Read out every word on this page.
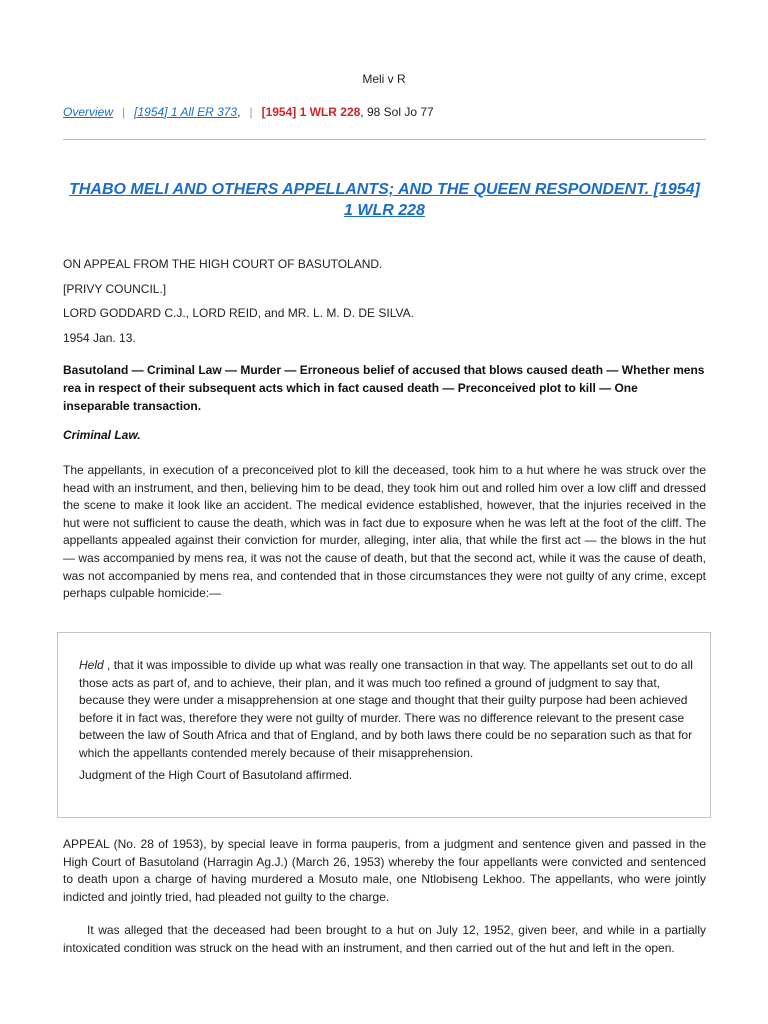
Meli v R
Overview | [1954] 1 All ER 373, | [1954] 1 WLR 228, 98 Sol Jo 77
THABO MELI AND OTHERS APPELLANTS; AND THE QUEEN RESPONDENT. [1954] 1 WLR 228
ON APPEAL FROM THE HIGH COURT OF BASUTOLAND.
[PRIVY COUNCIL.]
LORD GODDARD C.J., LORD REID, and MR. L. M. D. DE SILVA.
1954 Jan. 13.
Basutoland — Criminal Law — Murder — Erroneous belief of accused that blows caused death — Whether mens rea in respect of their subsequent acts which in fact caused death — Preconceived plot to kill — One inseparable transaction.
Criminal Law.
The appellants, in execution of a preconceived plot to kill the deceased, took him to a hut where he was struck over the head with an instrument, and then, believing him to be dead, they took him out and rolled him over a low cliff and dressed the scene to make it look like an accident. The medical evidence established, however, that the injuries received in the hut were not sufficient to cause the death, which was in fact due to exposure when he was left at the foot of the cliff. The appellants appealed against their conviction for murder, alleging, inter alia, that while the first act — the blows in the hut — was accompanied by mens rea, it was not the cause of death, but that the second act, while it was the cause of death, was not accompanied by mens rea, and contended that in those circumstances they were not guilty of any crime, except perhaps culpable homicide:—
Held , that it was impossible to divide up what was really one transaction in that way. The appellants set out to do all those acts as part of, and to achieve, their plan, and it was much too refined a ground of judgment to say that, because they were under a misapprehension at one stage and thought that their guilty purpose had been achieved before it in fact was, therefore they were not guilty of murder. There was no difference relevant to the present case between the law of South Africa and that of England, and by both laws there could be no separation such as that for which the appellants contended merely because of their misapprehension.
Judgment of the High Court of Basutoland affirmed.
APPEAL (No. 28 of 1953), by special leave in forma pauperis, from a judgment and sentence given and passed in the High Court of Basutoland (Harragin Ag.J.) (March 26, 1953) whereby the four appellants were convicted and sentenced to death upon a charge of having murdered a Mosuto male, one Ntlobiseng Lekhoo. The appellants, who were jointly indicted and jointly tried, had pleaded not guilty to the charge.
It was alleged that the deceased had been brought to a hut on July 12, 1952, given beer, and while in a partially intoxicated condition was struck on the head with an instrument, and then carried out of the hut and left in the open.
